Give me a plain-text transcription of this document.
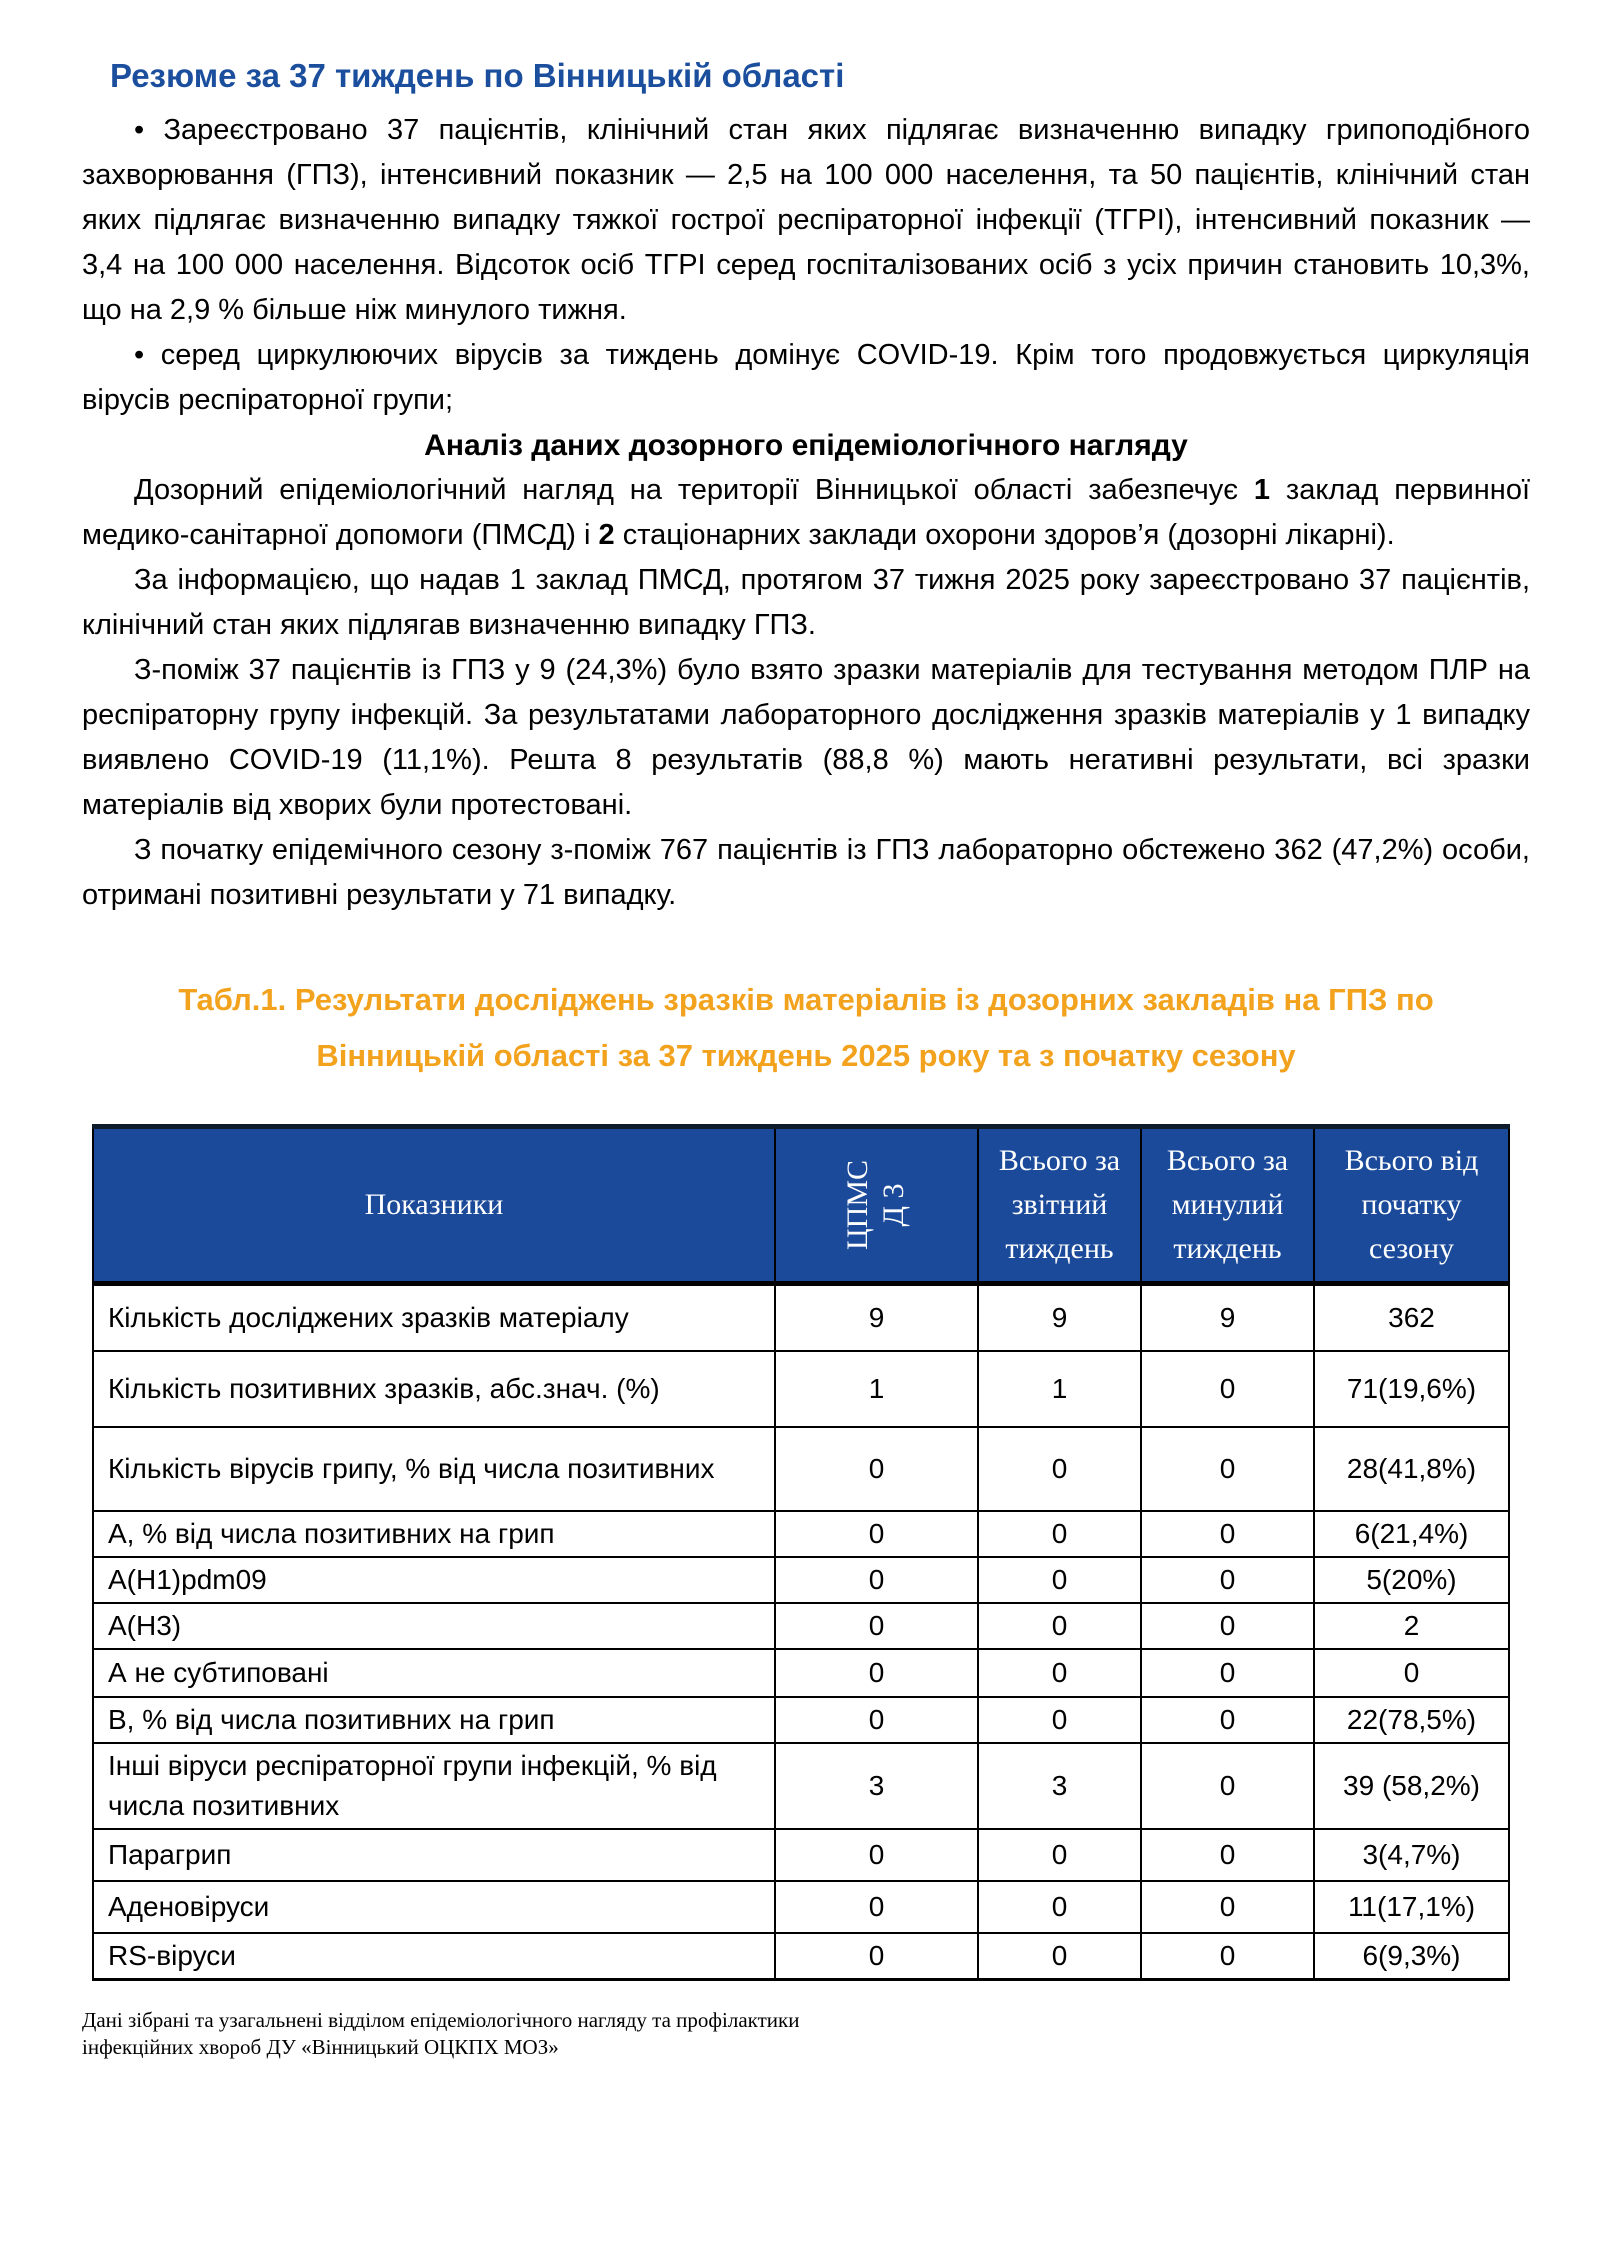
Резюме за 37 тиждень по Вінницькій області

• Зареєстровано 37 пацієнтів, клінічний стан яких підлягає визначенню випадку грипоподібного захворювання (ГПЗ), інтенсивний показник — 2,5 на 100 000 населення, та 50 пацієнтів, клінічний стан яких підлягає визначенню випадку тяжкої гострої респіраторної інфекції (ТГРІ), інтенсивний показник — 3,4 на 100 000 населення. Відсоток осіб ТГРІ серед госпіталізованих осіб з усіх причин становить 10,3%, що на 2,9 % більше ніж минулого тижня.

• серед циркулюючих вірусів за тиждень домінує COVID-19. Крім того продовжується циркуляція вірусів респіраторної групи;

Аналіз даних дозорного епідеміологічного нагляду

Дозорний епідеміологічний нагляд на території Вінницької області забезпечує 1 заклад первинної медико-санітарної допомоги (ПМСД) і 2 стаціонарних заклади охорони здоров’я (дозорні лікарні).

За інформацією, що надав 1 заклад ПМСД, протягом 37 тижня 2025 року зареєстровано 37 пацієнтів, клінічний стан яких підлягав визначенню випадку ГПЗ.

З-поміж 37 пацієнтів із ГПЗ у 9 (24,3%) було взято зразки матеріалів для тестування методом ПЛР на респіраторну групу інфекцій. За результатами лабораторного дослідження зразків матеріалів у 1 випадку виявлено COVID-19 (11,1%). Решта 8 результатів (88,8 %) мають негативні результати, всі зразки матеріалів від хворих були протестовані.

З початку епідемічного сезону з-поміж 767 пацієнтів із ГПЗ лабораторно обстежено 362 (47,2%) особи, отримані позитивні результати у 71 випадку.

Табл.1. Результати досліджень зразків матеріалів із дозорних закладів на ГПЗ по Вінницькій області за 37 тиждень 2025 року та з початку сезону
Показники	ЦПМС Д 3	Всього за звітний тиждень	Всього за минулий тиждень	Всього від початку сезону
Кількість досліджених зразків матеріалу	9	9	9	362
Кількість позитивних зразків, абс.знач. (%)	1	1	0	71(19,6%)
Кількість вірусів грипу, % від числа позитивних	0	0	0	28(41,8%)
А, % від числа позитивних на грип	0	0	0	6(21,4%)
A(H1)pdm09	0	0	0	5(20%)
A(H3)	0	0	0	2
А не субтиповані	0	0	0	0
В, % від числа позитивних на грип	0	0	0	22(78,5%)
Інші віруси респіраторної групи інфекцій, % від числа позитивних	3	3	0	39 (58,2%)
Парагрип	0	0	0	3(4,7%)
Аденовіруси	0	0	0	11(17,1%)
RS-віруси	0	0	0	6(9,3%)
Дані зібрані та узагальнені відділом епідеміологічного нагляду та профілактики
інфекційних хвороб ДУ «Вінницький ОЦКПХ МОЗ»
